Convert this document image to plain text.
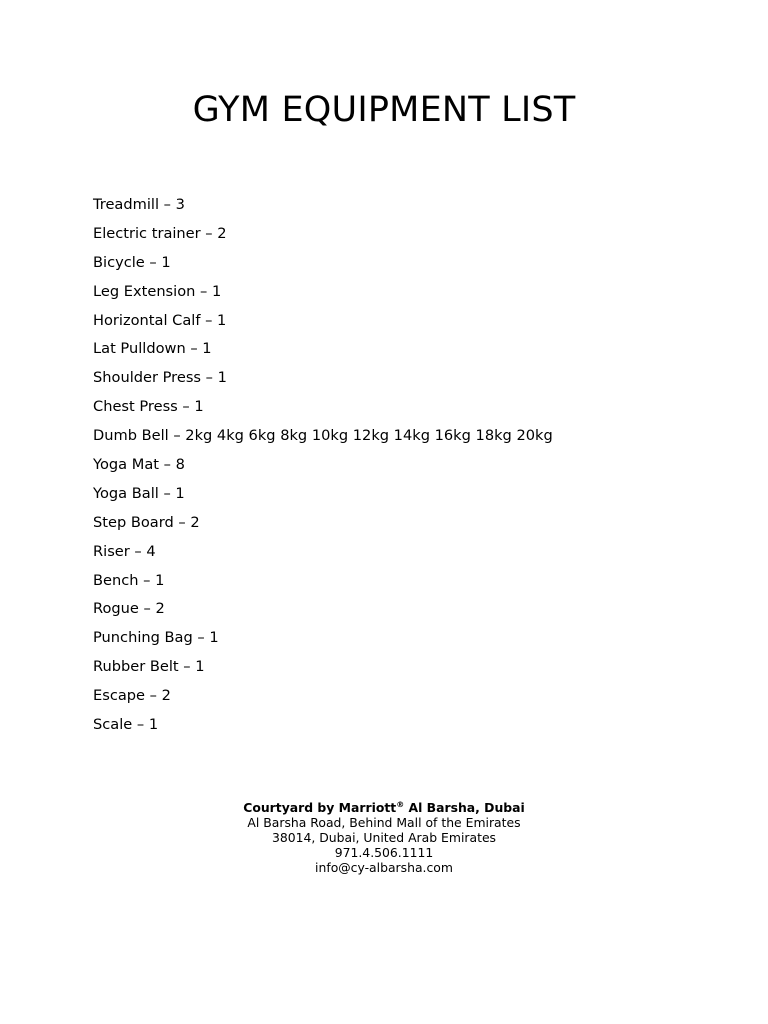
GYM EQUIPMENT LIST
Treadmill – 3
Electric trainer – 2
Bicycle – 1
Leg Extension – 1
Horizontal Calf – 1
Lat Pulldown – 1
Shoulder Press – 1
Chest Press – 1
Dumb Bell – 2kg 4kg 6kg 8kg 10kg 12kg 14kg 16kg 18kg 20kg
Yoga Mat – 8
Yoga Ball – 1
Step Board – 2
Riser – 4
Bench – 1
Rogue – 2
Punching Bag – 1
Rubber Belt – 1
Escape – 2
Scale – 1
Courtyard by Marriott® Al Barsha, Dubai
Al Barsha Road, Behind Mall of the Emirates
38014, Dubai, United Arab Emirates
971.4.506.1111
info@cy-albarsha.com
